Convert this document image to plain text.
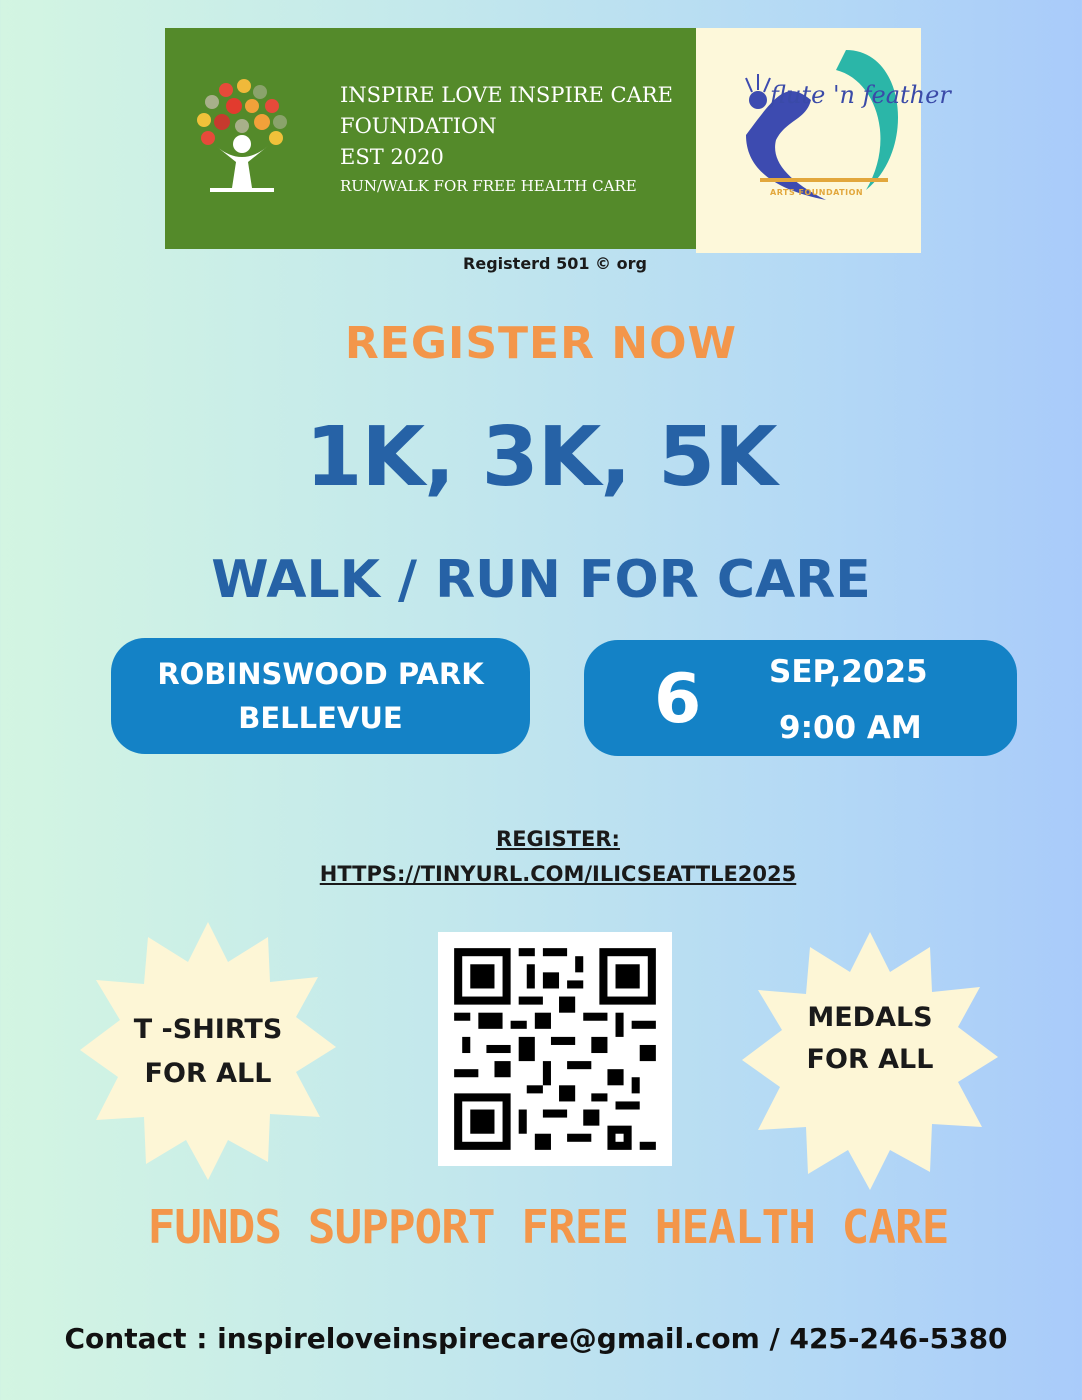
INSPIRE LOVE INSPIRE CARE
FOUNDATION
EST 2020
RUN/WALK FOR FREE HEALTH CARE
flute 'n feather
ARTS FOUNDATION
Registerd 501 © org
REGISTER NOW
1K, 3K, 5K
WALK / RUN FOR CARE
ROBINSWOOD PARK
BELLEVUE	6 SEP,2025
9:00 AM
REGISTER:
HTTPS://TINYURL.COM/ILICSEATTLE2025
T -SHIRTS
FOR ALL
MEDALS
FOR ALL
FUNDS SUPPORT FREE HEALTH CARE
Contact : inspireloveinspirecare@gmail.com / 425-246-5380
